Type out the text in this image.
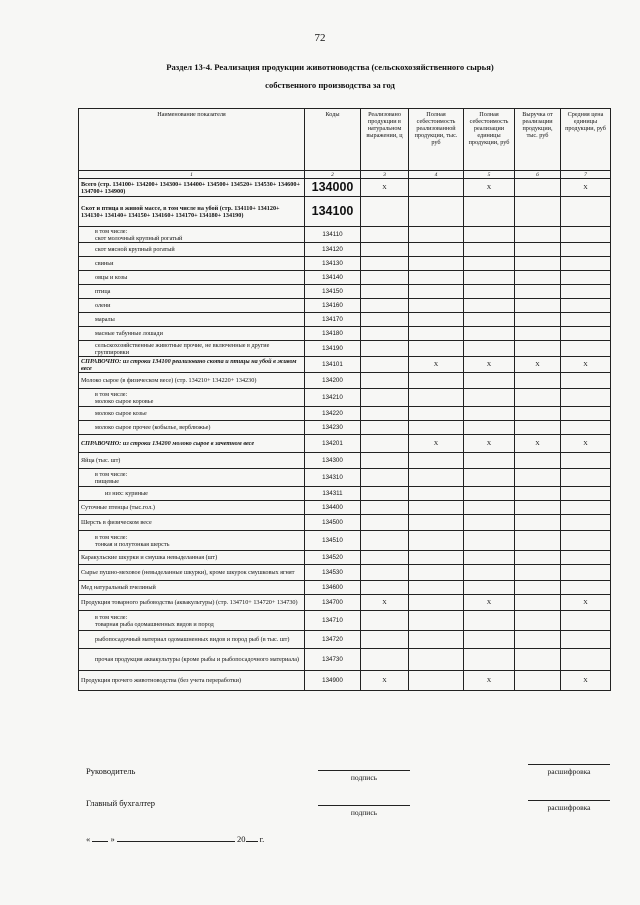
72
Раздел 13-4. Реализация продукции животноводства (сельскохозяйственного сырья)
собственного производства за год
Наименование показателя	Коды	Реализовано продукции в натуральном выражении, ц	Полная себестоимость реализованной продукции, тыс. руб	Полная себестоимость реализации единицы продукции, руб	Выручка от реализации продукции, тыс. руб	Средняя цена единицы продукции, руб
1	2	3	4	5	6	7

Всего (стр. 134100+ 134200+ 134300+ 134400+ 134500+ 134520+ 134530+ 134600+ 134700+ 134900)	134000	X		X		X

Скот и птица в живой массе, в том числе на убой (стр. 134110+ 134120+ 134130+ 134140+ 134150+ 134160+ 134170+ 134180+ 134190)	134100					

в том числе:
скот молочный крупный рогатый	134110					

скот мясной крупный рогатый	134120					

свиньи	134130					

овцы и козы	134140					

птица	134150					

олени	134160					

маралы	134170					

масные табунные лошади	134180					

сельскохозяйственные животные прочие, не включенные в другие группировки	134190					

СПРАВОЧНО: из строки 134100 реализовано скота и птицы на убой в живом весе	134101		X	X	X	X

Молоко сырое (в физическом весе) (стр. 134210+ 134220+ 134230)	134200					

в том числе:
молоко сырое коровье	134210					

молоко сырое козье	134220					

молоко сырое прочее (кобылье, верблюжье)	134230					

СПРАВОЧНО: из строки 134200 молоко сырое в зачетном весе	134201		X	X	X	X

Яйца (тыс. шт)	134300					

в том числе:
пищевые	134310					

из них: куриные	134311					

Суточные птенцы (тыс.гол.)	134400					

Шерсть в физическом весе	134500					

в том числе:
тонкая и полутонкая шерсть	134510					

Каракульские шкурки и смушка невыделанная (шт)	134520					

Сырье пушно-меховое (невыделанные шкурки), кроме шкурок смушковых ягнят	134530					

Мед натуральный пчелиный	134600					

Продукция товарного рыбоводства (аквакультуры) (стр. 134710+ 134720+ 134730)	134700	X		X		X

в том числе:
товарная рыба одомашненных видов и пород	134710					

рыбопосадочный материал одомашненных видов и пород рыб (в тыс. шт)	134720					

прочая продукция аквакультуры (кроме рыбы и рыбопосадочного материала)	134730					

Продукция прочего животноводства (без учета переработки)	134900	X		X		X
Руководитель
подпись
расшифровка
Главный бухгалтер
подпись
расшифровка
« »	20 г.
